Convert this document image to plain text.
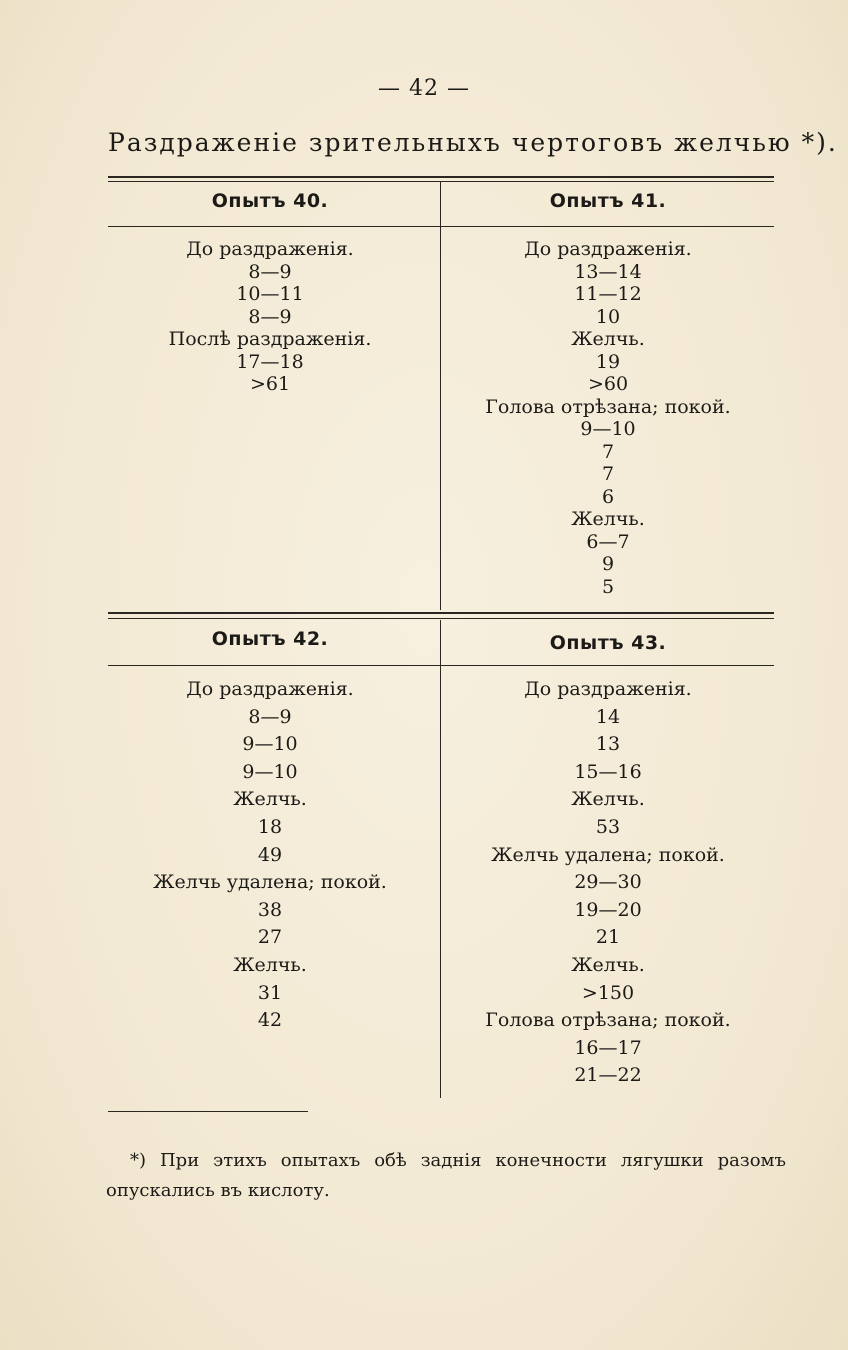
— 42 —
Раздраженіе зрительныхъ чертоговъ желчью *).
Опытъ 40.	Опытъ 41.
До раздраженія.
8—9
10—11
8—9
Послѣ раздраженія.
17—18
>61
До раздраженія.
13—14
11—12
10
Желчь.
19
>60
Голова отрѣзана; покой.
9—10
7
7
6
Желчь.
6—7
9
5
Опытъ 42.	Опытъ 43.
До раздраженія.
8—9
9—10
9—10
Желчь.
18
49
Желчь удалена; покой.
38
27
Желчь.
31
42
До раздраженія.
14
13
15—16
Желчь.
53
Желчь удалена; покой.
29—30
19—20
21
Желчь.
>150
Голова отрѣзана; покой.
16—17
21—22

*) При этихъ опытахъ обѣ заднія конечности лягушки разомъ опускались въ кислоту.
